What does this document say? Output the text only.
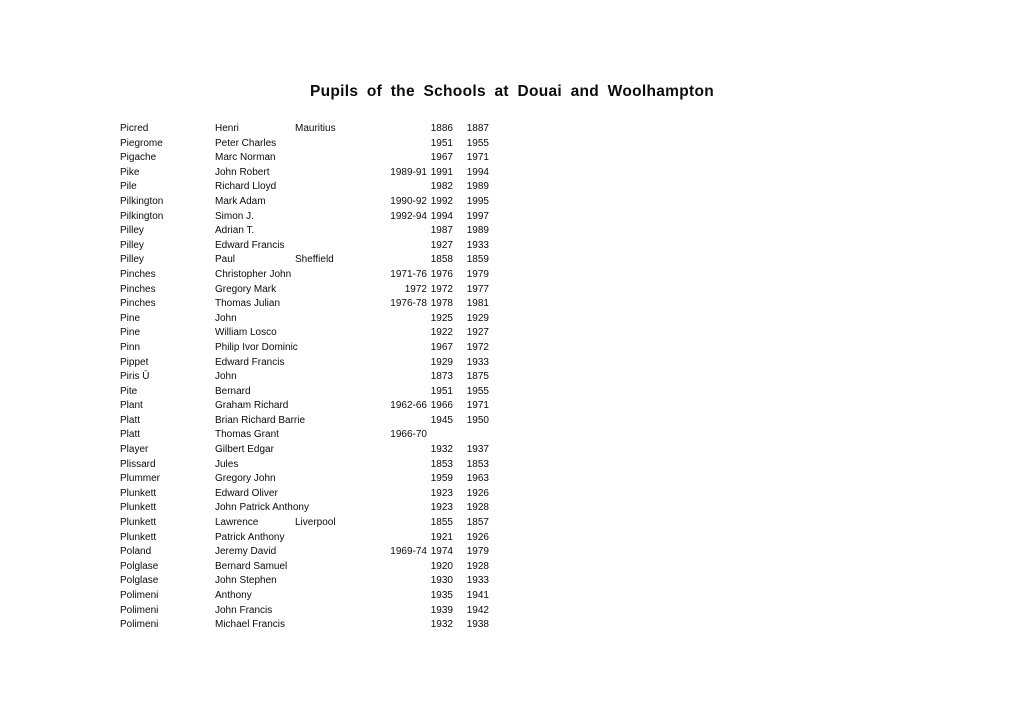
Pupils of the Schools at Douai and Woolhampton
Picred	Henri	Mauritius	1886	1887
Piegrome	Peter Charles	1951	1955
Pigache	Marc Norman	1967	1971
Pike	John Robert	1989-91 1991	1994
Pile	Richard Lloyd	1982	1989
Pilkington	Mark Adam	1990-92 1992	1995
Pilkington	Simon J.	1992-94 1994	1997
Pilley	Adrian T.	1987	1989
Pilley	Edward Francis	1927	1933
Pilley	Paul	Sheffield	1858	1859
Pinches	Christopher John	1971-76 1976	1979
Pinches	Gregory Mark	1972 1972	1977
Pinches	Thomas Julian	1976-78 1978	1981
Pine	John	1925	1929
Pine	William Losco	1922	1927
Pinn	Philip Ivor Dominic	1967	1972
Pippet	Edward Francis	1929	1933
Piris Ū	John	1873	1875
Pite	Bernard	1951	1955
Plant	Graham Richard	1962-66 1966	1971
Platt	Brian Richard Barrie	1945	1950
Platt	Thomas Grant	1966-70
Player	Gilbert Edgar	1932	1937
Plissard	Jules	1853	1853
Plummer	Gregory John	1959	1963
Plunkett	Edward Oliver	1923	1926
Plunkett	John Patrick Anthony	1923	1928
Plunkett	Lawrence	Liverpool	1855	1857
Plunkett	Patrick Anthony	1921	1926
Poland	Jeremy David	1969-74 1974	1979
Polglase	Bernard Samuel	1920	1928
Polglase	John Stephen	1930	1933
Polimeni	Anthony	1935	1941
Polimeni	John Francis	1939	1942
Polimeni	Michael Francis	1932	1938
